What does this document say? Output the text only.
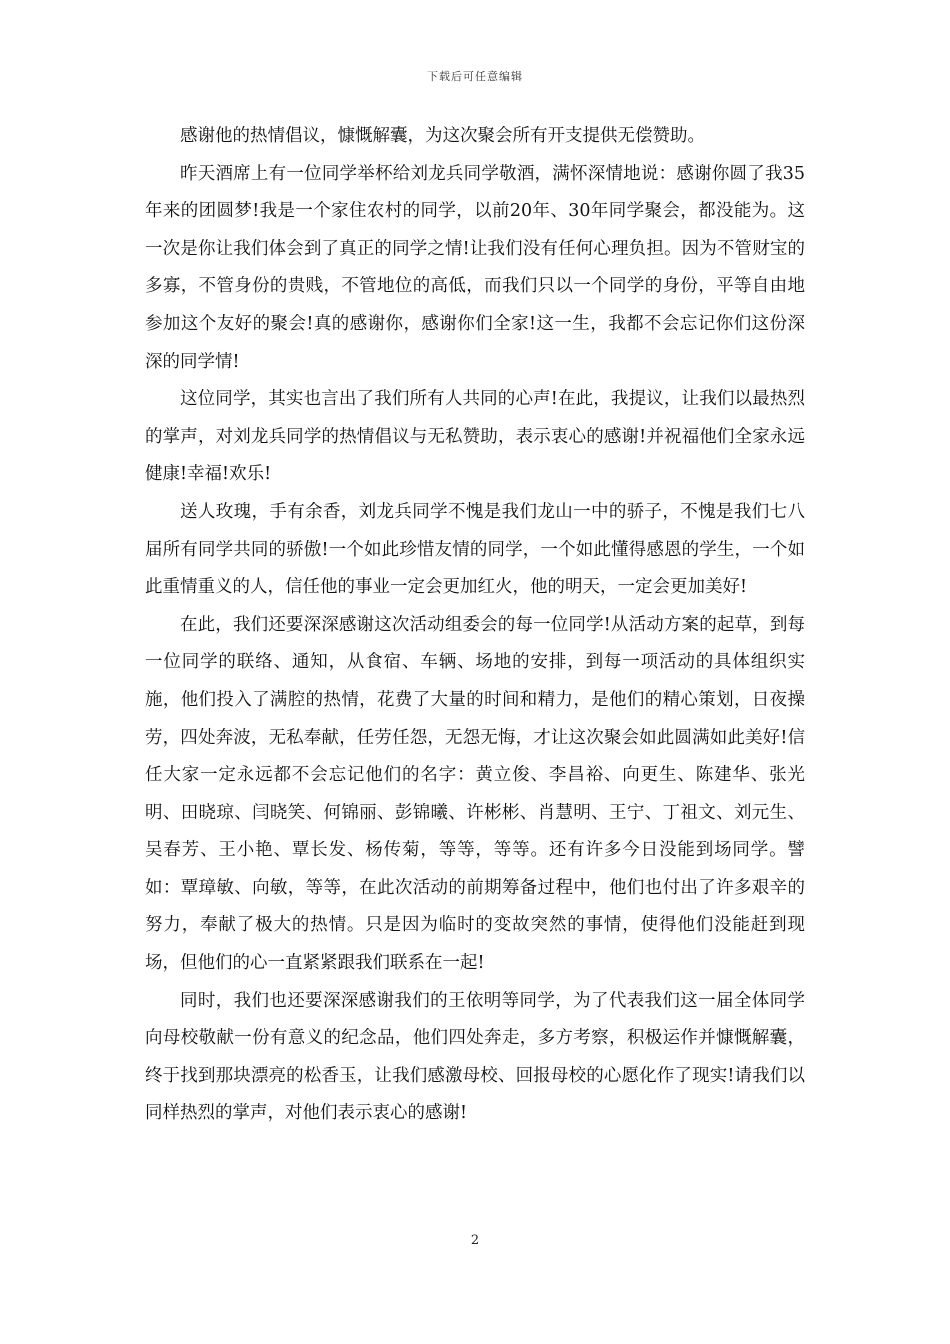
下载后可任意编辑

感谢他的热情倡议，慷慨解囊，为这次聚会所有开支提供无偿赞助。

昨天酒席上有一位同学举杯给刘龙兵同学敬酒，满怀深情地说：感谢你圆了我35年来的团圆梦!我是一个家住农村的同学，以前20年、30年同学聚会，都没能为。这一次是你让我们体会到了真正的同学之情!让我们没有任何心理负担。因为不管财宝的多寡，不管身份的贵贱，不管地位的高低，而我们只以一个同学的身份，平等自由地参加这个友好的聚会!真的感谢你，感谢你们全家!这一生，我都不会忘记你们这份深深的同学情!

这位同学，其实也言出了我们所有人共同的心声!在此，我提议，让我们以最热烈的掌声，对刘龙兵同学的热情倡议与无私赞助，表示衷心的感谢!并祝福他们全家永远健康!幸福!欢乐!

送人玫瑰，手有余香，刘龙兵同学不愧是我们龙山一中的骄子，不愧是我们七八届所有同学共同的骄傲!一个如此珍惜友情的同学，一个如此懂得感恩的学生，一个如此重情重义的人，信任他的事业一定会更加红火，他的明天，一定会更加美好!

在此，我们还要深深感谢这次活动组委会的每一位同学!从活动方案的起草，到每一位同学的联络、通知，从食宿、车辆、场地的安排，到每一项活动的具体组织实施，他们投入了满腔的热情，花费了大量的时间和精力，是他们的精心策划，日夜操劳，四处奔波，无私奉献，任劳任怨，无怨无悔，才让这次聚会如此圆满如此美好!信任大家一定永远都不会忘记他们的名字：黄立俊、李昌裕、向更生、陈建华、张光明、田晓琼、闫晓笑、何锦丽、彭锦曦、许彬彬、肖慧明、王宁、丁祖文、刘元生、吴春芳、王小艳、覃长发、杨传菊，等等，等等。还有许多今日没能到场同学。譬如：覃璋敏、向敏，等等，在此次活动的前期筹备过程中，他们也付出了许多艰辛的努力，奉献了极大的热情。只是因为临时的变故突然的事情，使得他们没能赶到现场，但他们的心一直紧紧跟我们联系在一起!

同时，我们也还要深深感谢我们的王依明等同学，为了代表我们这一届全体同学向母校敬献一份有意义的纪念品，他们四处奔走，多方考察，积极运作并慷慨解囊，终于找到那块漂亮的松香玉，让我们感激母校、回报母校的心愿化作了现实!请我们以同样热烈的掌声，对他们表示衷心的感谢!

2
